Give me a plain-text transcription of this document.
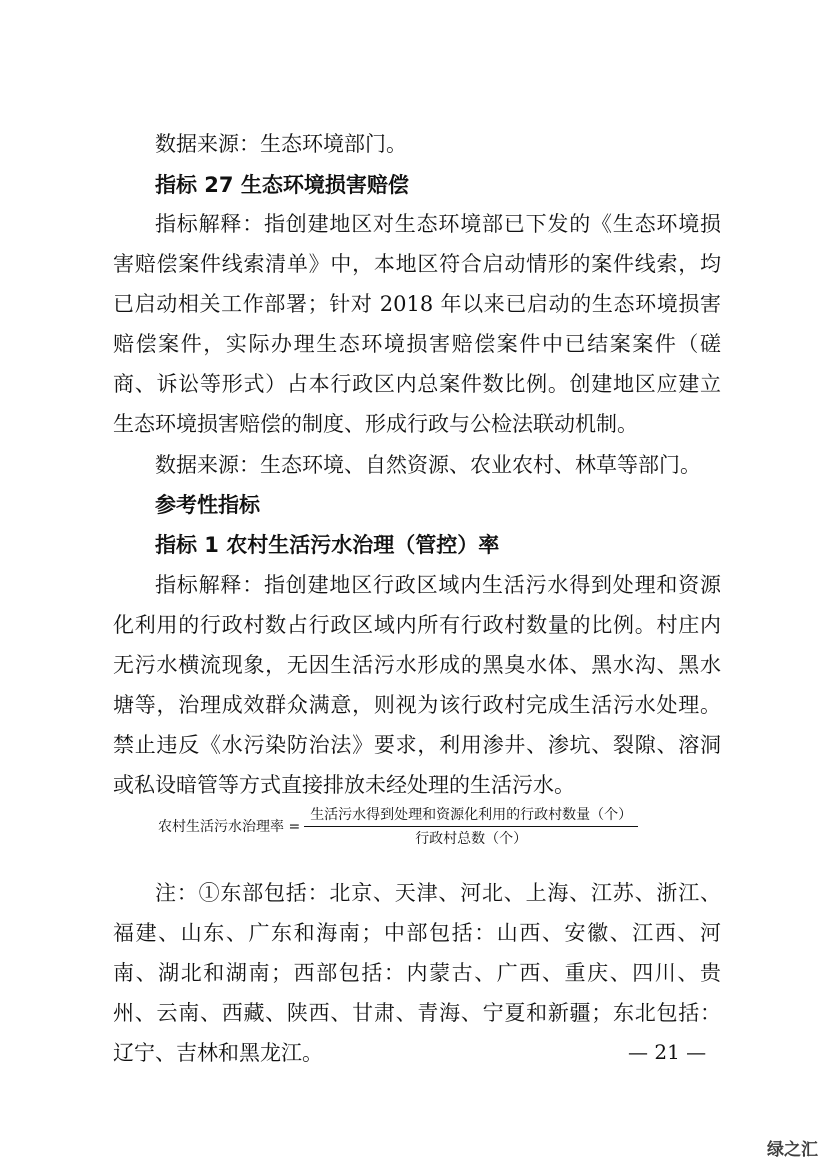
数据来源：生态环境部门。

指标 27 生态环境损害赔偿

指标解释：指创建地区对生态环境部已下发的《生态环境损害赔偿案件线索清单》中，本地区符合启动情形的案件线索，均已启动相关工作部署；针对 2018 年以来已启动的生态环境损害赔偿案件，实际办理生态环境损害赔偿案件中已结案案件（磋商、诉讼等形式）占本行政区内总案件数比例。创建地区应建立生态环境损害赔偿的制度、形成行政与公检法联动机制。

数据来源：生态环境、自然资源、农业农村、林草等部门。

参考性指标

指标 1 农村生活污水治理（管控）率

指标解释：指创建地区行政区域内生活污水得到处理和资源化利用的行政村数占行政区域内所有行政村数量的比例。村庄内无污水横流现象，无因生活污水形成的黑臭水体、黑水沟、黑水塘等，治理成效群众满意，则视为该行政村完成生活污水处理。禁止违反《水污染防治法》要求，利用渗井、渗坑、裂隙、溶洞或私设暗管等方式直接排放未经处理的生活污水。

农村生活污水治理率 = $\frac{\text{生活污水得到处理和资源化利用的行政村数量（个）}}{\text{行政村总数（个）}}$

注：①东部包括：北京、天津、河北、上海、江苏、浙江、福建、山东、广东和海南；中部包括：山西、安徽、江西、河南、湖北和湖南；西部包括：内蒙古、广西、重庆、四川、贵州、云南、西藏、陕西、甘肃、青海、宁夏和新疆；东北包括：辽宁、吉林和黑龙江。	— 21 —
绿之汇
